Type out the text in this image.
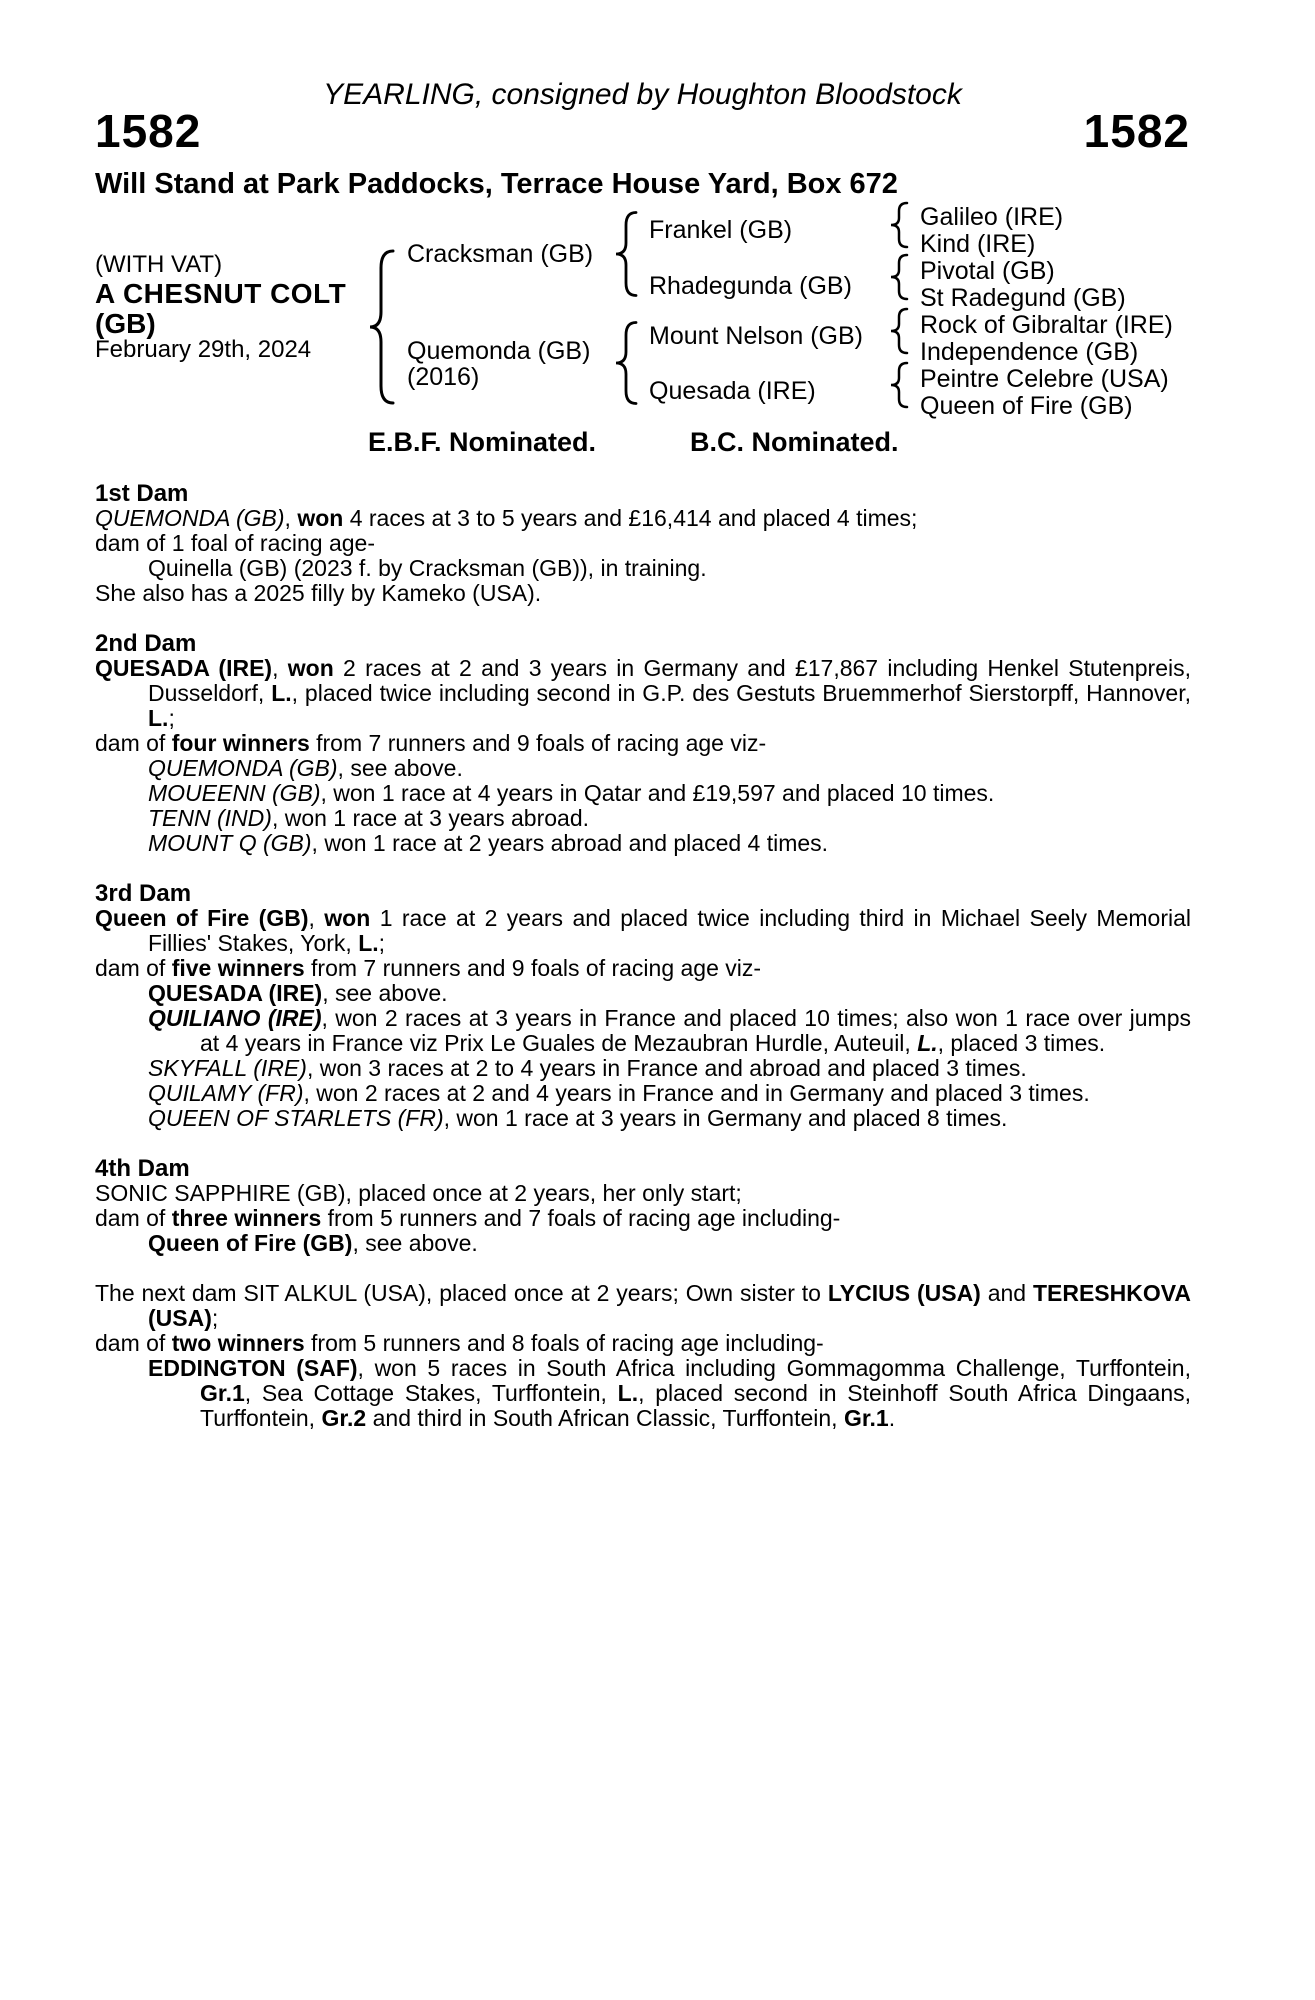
YEARLING, consigned by Houghton Bloodstock
1582	1582
Will Stand at Park Paddocks, Terrace House Yard, Box 672
(WITH VAT)
A CHESNUT COLT
(GB)
February 29th, 2024
Cracksman (GB)
Quemonda (GB)
(2016)
Frankel (GB)
Rhadegunda (GB)
Mount Nelson (GB)
Quesada (IRE)
Galileo (IRE)
Kind (IRE)
Pivotal (GB)
St Radegund (GB)
Rock of Gibraltar (IRE)
Independence (GB)
Peintre Celebre (USA)
Queen of Fire (GB)
E.B.F. Nominated.	B.C. Nominated.
1st Dam

QUEMONDA (GB), won 4 races at 3 to 5 years and £16,414 and placed 4 times;

dam of 1 foal of racing age-

Quinella (GB) (2023 f. by Cracksman (GB)), in training.

She also has a 2025 filly by Kameko (USA).

2nd Dam

QUESADA (IRE), won 2 races at 2 and 3 years in Germany and £17,867 including Henkel Stutenpreis, Dusseldorf, L., placed twice including second in G.P. des Gestuts Bruemmerhof Sierstorpff, Hannover, L.;

dam of four winners from 7 runners and 9 foals of racing age viz-

QUEMONDA (GB), see above.

MOUEENN (GB), won 1 race at 4 years in Qatar and £19,597 and placed 10 times.

TENN (IND), won 1 race at 3 years abroad.

MOUNT Q (GB), won 1 race at 2 years abroad and placed 4 times.

3rd Dam

Queen of Fire (GB), won 1 race at 2 years and placed twice including third in Michael Seely Memorial Fillies' Stakes, York, L.;

dam of five winners from 7 runners and 9 foals of racing age viz-

QUESADA (IRE), see above.

QUILIANO (IRE), won 2 races at 3 years in France and placed 10 times; also won 1 race over jumps at 4 years in France viz Prix Le Guales de Mezaubran Hurdle, Auteuil, L., placed 3 times.

SKYFALL (IRE), won 3 races at 2 to 4 years in France and abroad and placed 3 times.

QUILAMY (FR), won 2 races at 2 and 4 years in France and in Germany and placed 3 times.

QUEEN OF STARLETS (FR), won 1 race at 3 years in Germany and placed 8 times.

4th Dam

SONIC SAPPHIRE (GB), placed once at 2 years, her only start;

dam of three winners from 5 runners and 7 foals of racing age including-

Queen of Fire (GB), see above.

The next dam SIT ALKUL (USA), placed once at 2 years; Own sister to LYCIUS (USA) and TERESHKOVA (USA);

dam of two winners from 5 runners and 8 foals of racing age including-

EDDINGTON (SAF), won 5 races in South Africa including Gommagomma Challenge, Turffontein, Gr.1, Sea Cottage Stakes, Turffontein, L., placed second in Steinhoff South Africa Dingaans, Turffontein, Gr.2 and third in South African Classic, Turffontein, Gr.1.
